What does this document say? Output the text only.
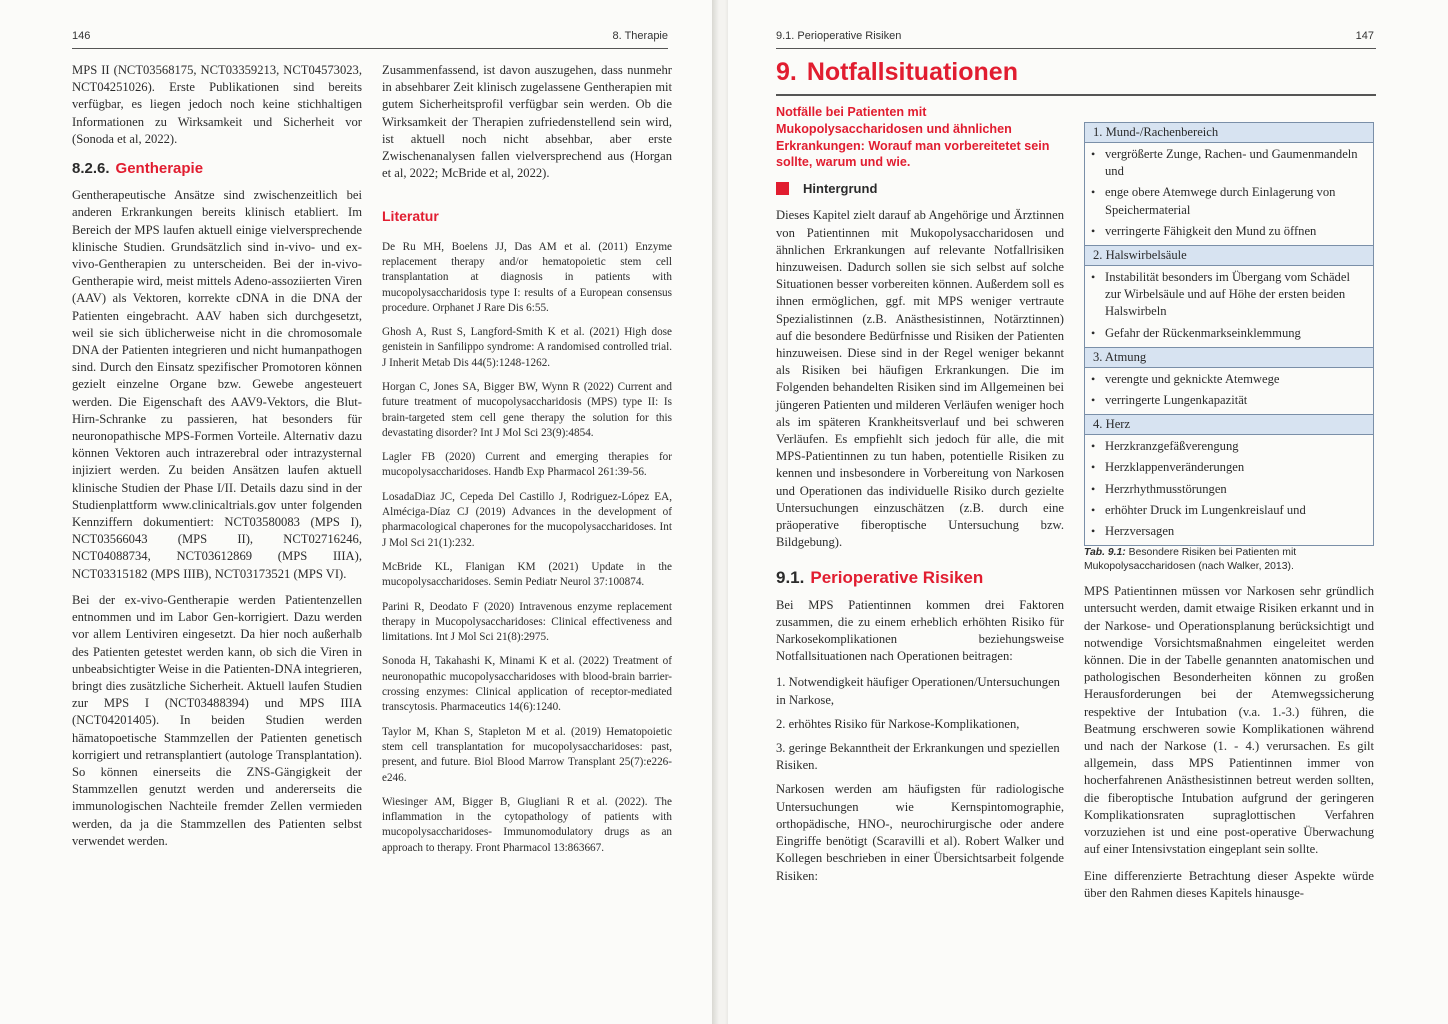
146	8. Therapie

MPS II (NCT03568175, NCT03359213, NCT04573023, NCT04251026). Erste Publikationen sind bereits verfügbar, es liegen jedoch noch keine stichhaltigen Informationen zu Wirksamkeit und Sicherheit vor (Sonoda et al, 2022).

8.2.6. Gentherapie

Gentherapeutische Ansätze sind zwischenzeitlich bei anderen Erkrankungen bereits klinisch etabliert. Im Bereich der MPS laufen aktuell einige vielversprechende klinische Studien. Grundsätzlich sind in-vivo- und ex-vivo-Gentherapien zu unterscheiden. Bei der in-vivo-Gentherapie wird, meist mittels Adeno-assoziierten Viren (AAV) als Vektoren, korrekte cDNA in die DNA der Patienten eingebracht. AAV haben sich durchgesetzt, weil sie sich üblicherweise nicht in die chromosomale DNA der Patienten integrieren und nicht humanpathogen sind. Durch den Einsatz spezifischer Promotoren können gezielt einzelne Organe bzw. Gewebe angesteuert werden. Die Eigenschaft des AAV9-Vektors, die Blut-Hirn-Schranke zu passieren, hat besonders für neuronopathische MPS-Formen Vorteile. Alternativ dazu können Vektoren auch intrazerebral oder intrazysternal injiziert werden. Zu beiden Ansätzen laufen aktuell klinische Studien der Phase I/II. Details dazu sind in der Studienplattform www.clinicaltrials.gov unter folgenden Kennziffern dokumentiert: NCT03580083 (MPS I), NCT03566043 (MPS II), NCT02716246, NCT04088734, NCT03612869 (MPS IIIA), NCT03315182 (MPS IIIB), NCT03173521 (MPS VI).

Bei der ex-vivo-Gentherapie werden Patientenzellen entnommen und im Labor Gen-korrigiert. Dazu werden vor allem Lentiviren eingesetzt. Da hier noch außerhalb des Patienten getestet werden kann, ob sich die Viren in unbeabsichtigter Weise in die Patienten-DNA integrieren, bringt dies zusätzliche Sicherheit. Aktuell laufen Studien zur MPS I (NCT03488394) und MPS IIIA (NCT04201405). In beiden Studien werden hämatopoetische Stammzellen der Patienten genetisch korrigiert und retransplantiert (autologe Transplantation). So können einerseits die ZNS-Gängigkeit der Stammzellen genutzt werden und andererseits die immunologischen Nachteile fremder Zellen vermieden werden, da ja die Stammzellen des Patienten selbst verwendet werden.

Zusammenfassend, ist davon auszugehen, dass nunmehr in absehbarer Zeit klinisch zugelassene Gentherapien mit gutem Sicherheitsprofil verfügbar sein werden. Ob die Wirksamkeit der Therapien zufriedenstellend sein wird, ist aktuell noch nicht absehbar, aber erste Zwischenanalysen fallen vielversprechend aus (Horgan et al, 2022; McBride et al, 2022).

Literatur

De Ru MH, Boelens JJ, Das AM et al. (2011) Enzyme replacement therapy and/or hematopoietic stem cell transplantation at diagnosis in patients with mucopolysaccharidosis type I: results of a European consensus procedure. Orphanet J Rare Dis 6:55.

Ghosh A, Rust S, Langford-Smith K et al. (2021) High dose genistein in Sanfilippo syndrome: A randomised controlled trial. J Inherit Metab Dis 44(5):1248-1262.

Horgan C, Jones SA, Bigger BW, Wynn R (2022) Current and future treatment of mucopolysaccharidosis (MPS) type II: Is brain-targeted stem cell gene therapy the solution for this devastating disorder? Int J Mol Sci 23(9):4854.

Lagler FB (2020) Current and emerging therapies for mucopolysaccharidoses. Handb Exp Pharmacol 261:39-56.

LosadaDiaz JC, Cepeda Del Castillo J, Rodriguez-López EA, Alméciga-Díaz CJ (2019) Advances in the development of pharmacological chaperones for the mucopolysaccharidoses. Int J Mol Sci 21(1):232.

McBride KL, Flanigan KM (2021) Update in the mucopolysaccharidoses. Semin Pediatr Neurol 37:100874.

Parini R, Deodato F (2020) Intravenous enzyme replacement therapy in Mucopolysaccharidoses: Clinical effectiveness and limitations. Int J Mol Sci 21(8):2975.

Sonoda H, Takahashi K, Minami K et al. (2022) Treatment of neuronopathic mucopolysaccharidoses with blood-brain barrier-crossing enzymes: Clinical application of receptor-mediated transcytosis. Pharmaceutics 14(6):1240.

Taylor M, Khan S, Stapleton M et al. (2019) Hematopoietic stem cell transplantation for mucopolysaccharidoses: past, present, and future. Biol Blood Marrow Transplant 25(7):e226-e246.

Wiesinger AM, Bigger B, Giugliani R et al. (2022). The inflammation in the cytopathology of patients with mucopolysaccharidoses- Immunomodulatory drugs as an approach to therapy. Front Pharmacol 13:863667.

9.1. Perioperative Risiken	147
9. Notfallsituationen

Notfälle bei Patienten mit Mukopolysaccharidosen und ähnlichen Erkrankungen: Worauf man vorbereitetet sein sollte, warum und wie.

Hintergrund

Dieses Kapitel zielt darauf ab Angehörige und Ärztinnen von Patientinnen mit Mukopolysaccharidosen und ähnlichen Erkrankungen auf relevante Notfallrisiken hinzuweisen. Dadurch sollen sie sich selbst auf solche Situationen besser vorbereiten können. Außerdem soll es ihnen ermöglichen, ggf. mit MPS weniger vertraute Spezialistinnen (z.B. Anästhesistinnen, Notärztinnen) auf die besondere Bedürfnisse und Risiken der Patienten hinzuweisen. Diese sind in der Regel weniger bekannt als Risiken bei häufigen Erkrankungen. Die im Folgenden behandelten Risiken sind im Allgemeinen bei jüngeren Patienten und milderen Verläufen weniger hoch als im späteren Krankheitsverlauf und bei schweren Verläufen. Es empfiehlt sich jedoch für alle, die mit MPS-Patientinnen zu tun haben, potentielle Risiken zu kennen und insbesondere in Vorbereitung von Narkosen und Operationen das individuelle Risiko durch gezielte Untersuchungen einzuschätzen (z.B. durch eine präoperative fiberoptische Untersuchung bzw. Bildgebung).

9.1. Perioperative Risiken

Bei MPS Patientinnen kommen drei Faktoren zusammen, die zu einem erheblich erhöhten Risiko für Narkosekomplikationen beziehungsweise Notfallsituationen nach Operationen beitragen:

1. Notwendigkeit häufiger Operationen/Untersuchungen in Narkose,

2. erhöhtes Risiko für Narkose-Komplikationen,

3. geringe Bekanntheit der Erkrankungen und speziellen Risiken.

Narkosen werden am häufigsten für radiologische Untersuchungen wie Kernspintomographie, orthopädische, HNO-, neurochirurgische oder andere Eingriffe benötigt (Scaravilli et al). Robert Walker und Kollegen beschrieben in einer Übersichtsarbeit folgende Risiken:

1. Mund-/Rachenbereich
• vergrößerte Zunge, Rachen- und Gaumenmandeln und
• enge obere Atemwege durch Einlagerung von Speichermaterial
• verringerte Fähigkeit den Mund zu öffnen
2. Halswirbelsäule
• Instabilität besonders im Übergang vom Schädel zur Wirbelsäule und auf Höhe der ersten beiden Halswirbeln
• Gefahr der Rückenmarkseinklemmung
3. Atmung
• verengte und geknickte Atemwege
• verringerte Lungenkapazität
4. Herz
• Herzkranzgefäßverengung
• Herzklappenveränderungen
• Herzrhythmusstörungen
• erhöhter Druck im Lungenkreislauf und
• Herzversagen

Tab. 9.1: Besondere Risiken bei Patienten mit Mukopolysaccharidosen (nach Walker, 2013).

MPS Patientinnen müssen vor Narkosen sehr gründlich untersucht werden, damit etwaige Risiken erkannt und in der Narkose- und Operationsplanung berücksichtigt und notwendige Vorsichtsmaßnahmen eingeleitet werden können. Die in der Tabelle genannten anatomischen und pathologischen Besonderheiten können zu großen Herausforderungen bei der Atemwegssicherung respektive der Intubation (v.a. 1.-3.) führen, die Beatmung erschweren sowie Komplikationen während und nach der Narkose (1. - 4.) verursachen. Es gilt allgemein, dass MPS Patientinnen immer von hocherfahrenen Anästhesistinnen betreut werden sollten, die fiberoptische Intubation aufgrund der geringeren Komplikationsraten supraglottischen Verfahren vorzuziehen ist und eine post-operative Überwachung auf einer Intensivstation eingeplant sein sollte.

Eine differenzierte Betrachtung dieser Aspekte würde über den Rahmen dieses Kapitels hinausge-
